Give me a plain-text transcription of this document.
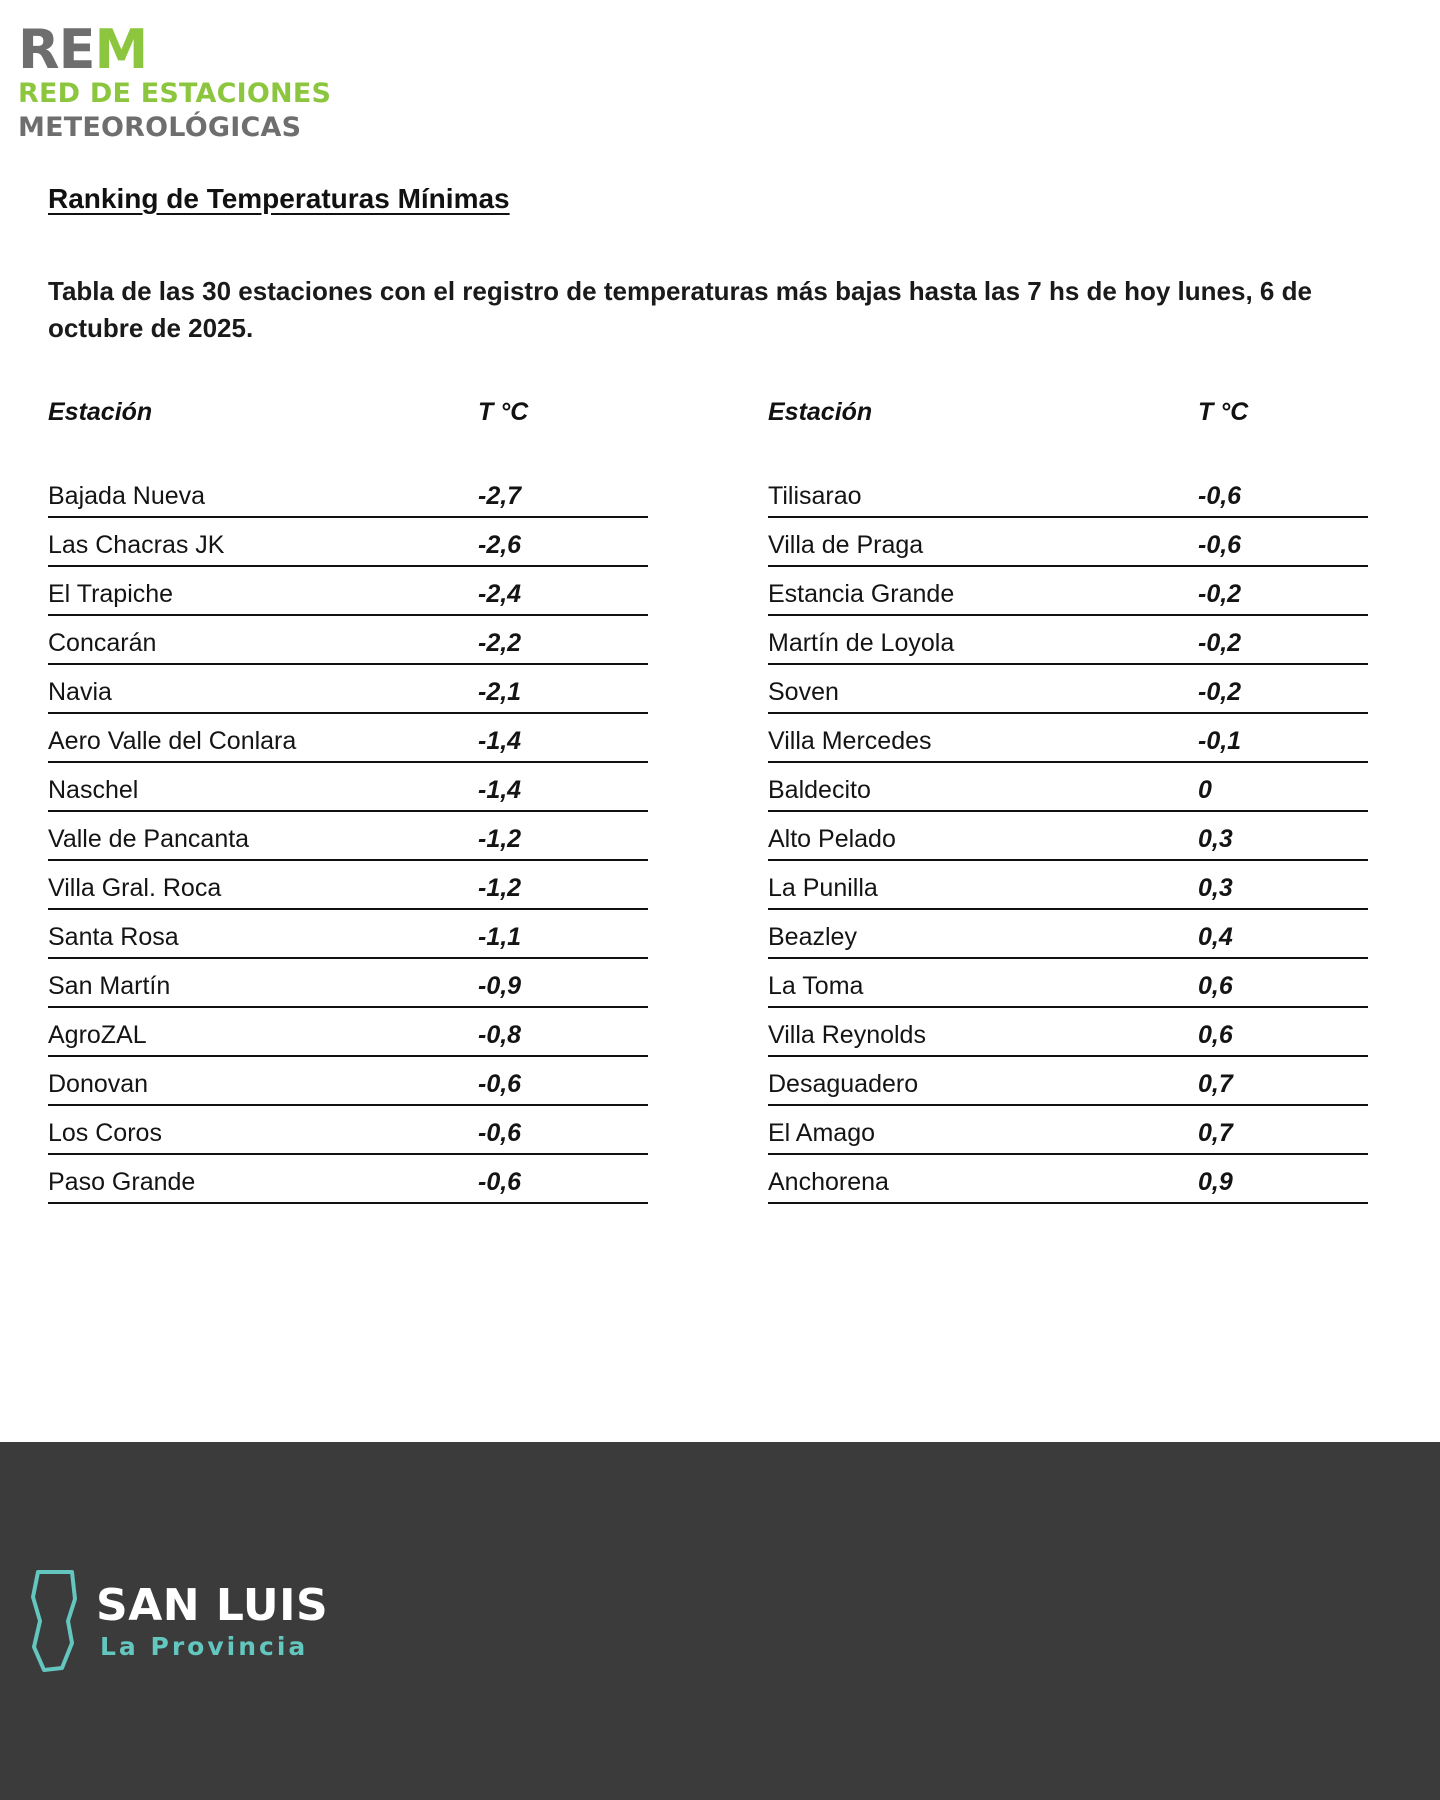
REM
RED DE ESTACIONES
METEOROLÓGICAS
Ranking de Temperaturas Mínimas
Tabla de las 30 estaciones con el registro de temperaturas más bajas hasta las 7 hs de hoy lunes, 6 de octubre de 2025.
Estación	T °C
Bajada Nueva	-2,7
Las Chacras JK	-2,6
El Trapiche	-2,4
Concarán	-2,2
Navia	-2,1
Aero Valle del Conlara	-1,4
Naschel	-1,4
Valle de Pancanta	-1,2
Villa Gral. Roca	-1,2
Santa Rosa	-1,1
San Martín	-0,9
AgroZAL	-0,8
Donovan	-0,6
Los Coros	-0,6
Paso Grande	-0,6
Estación	T °C
Tilisarao	-0,6
Villa de Praga	-0,6
Estancia Grande	-0,2
Martín de Loyola	-0,2
Soven	-0,2
Villa Mercedes	-0,1
Baldecito	0
Alto Pelado	0,3
La Punilla	0,3
Beazley	0,4
La Toma	0,6
Villa Reynolds	0,6
Desaguadero	0,7
El Amago	0,7
Anchorena	0,9
SAN LUIS
La Provincia
